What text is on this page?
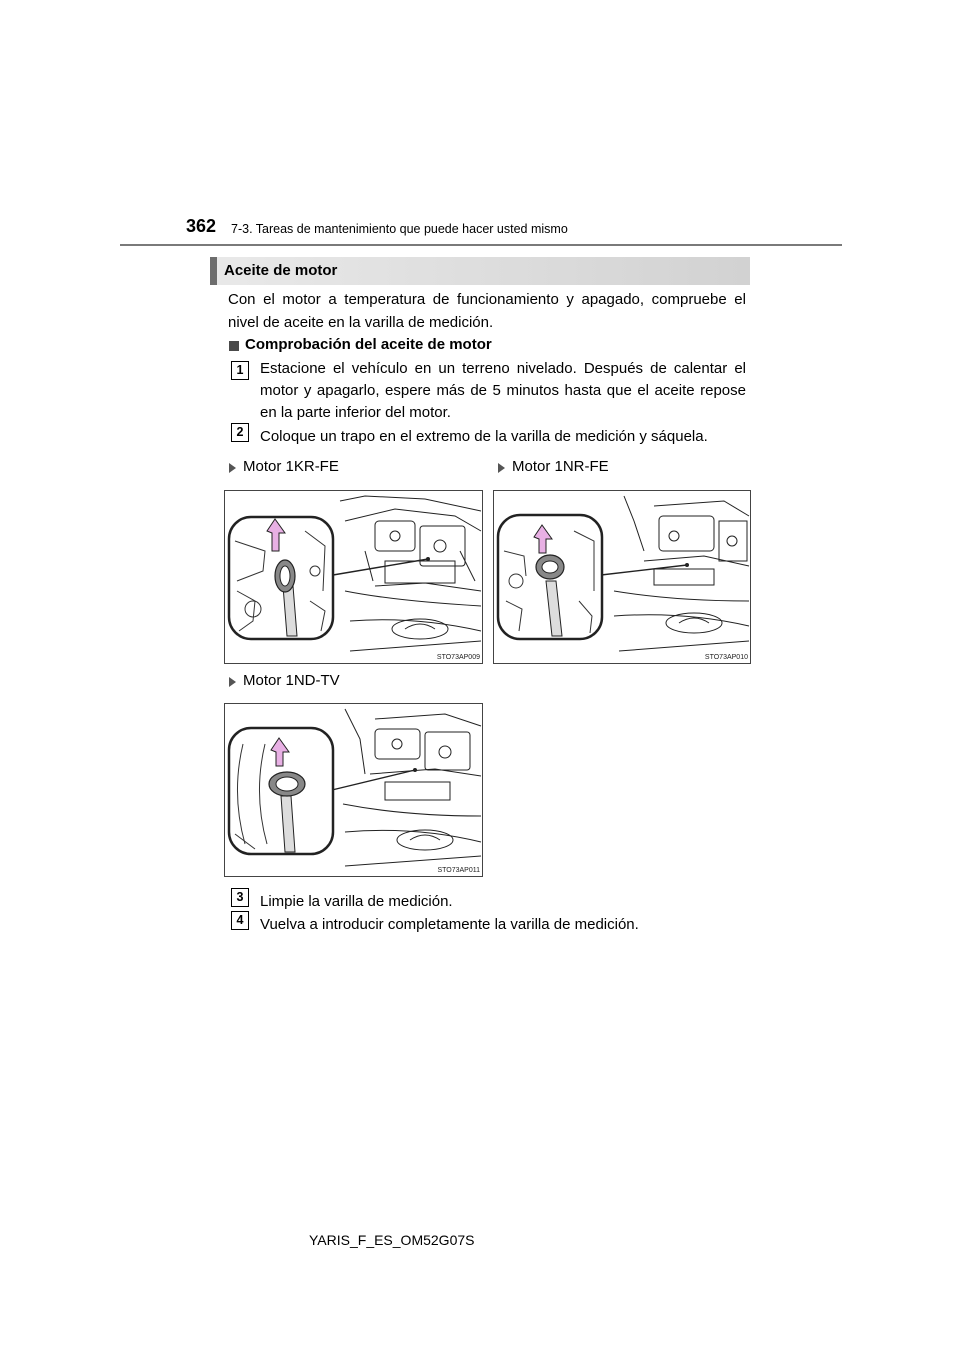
362 7-3. Tareas de mantenimiento que puede hacer usted mismo
Aceite de motor
Con el motor a temperatura de funcionamiento y apagado, compruebe el
nivel de aceite en la varilla de medición.
Comprobación del aceite de motor
1	Estacione el vehículo en un terreno nivelado. Después de calentar el
motor y apagarlo, espere más de 5 minutos hasta que el aceite repose
en la parte inferior del motor.
2	Coloque un trapo en el extremo de la varilla de medición y sáquela.
Motor 1KR-FE	Motor 1NR-FE
STO73AP009	STO73AP010
Motor 1ND-TV
STO73AP011
3	Limpie la varilla de medición.
4	Vuelva a introducir completamente la varilla de medición.
YARIS_F_ES_OM52G07S
